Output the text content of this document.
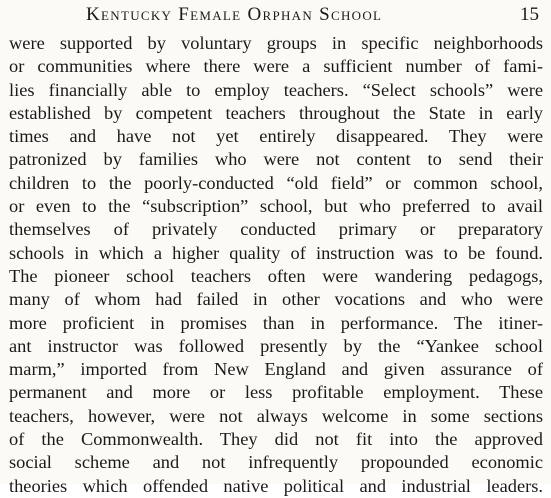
Kentucky Female Orphan School	15
were supported by voluntary groups in specific neighborhoods
or communities where there were a sufficient number of fami-
lies financially able to employ teachers. “Select schools” were
established by competent teachers throughout the State in early
times and have not yet entirely disappeared. They were
patronized by families who were not content to send their
children to the poorly-conducted “old field” or common school,
or even to the “subscription” school, but who preferred to avail
themselves of privately conducted primary or preparatory
schools in which a higher quality of instruction was to be found.
The pioneer school teachers often were wandering pedagogs,
many of whom had failed in other vocations and who were
more proficient in promises than in performance. The itiner-
ant instructor was followed presently by the “Yankee school
marm,” imported from New England and given assurance of
permanent and more or less profitable employment. These
teachers, however, were not always welcome in some sections
of the Commonwealth. They did not fit into the approved
social scheme and not infrequently propounded economic
theories which offended native political and industrial leaders.
